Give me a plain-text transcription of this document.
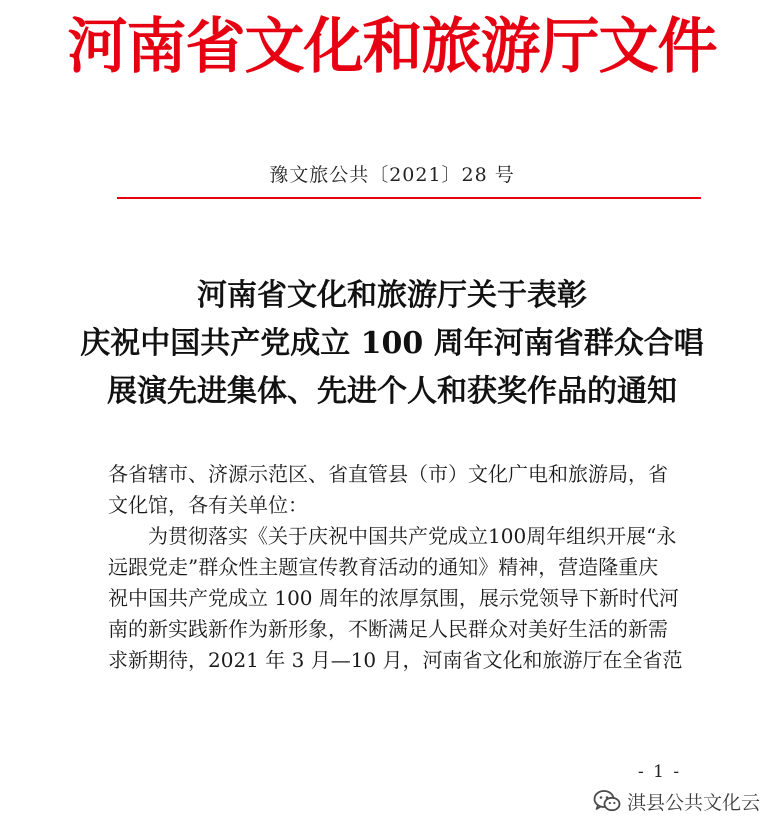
河南省文化和旅游厅文件
豫文旅公共〔2021〕28 号
河南省文化和旅游厅关于表彰
庆祝中国共产党成立 100 周年河南省群众合唱
展演先进集体、先进个人和获奖作品的通知
各省辖市、济源示范区、省直管县（市）文化广电和旅游局，省
文化馆，各有关单位：
　　为贯彻落实《关于庆祝中国共产党成立100周年组织开展“永
远跟党走”群众性主题宣传教育活动的通知》精神，营造隆重庆
祝中国共产党成立 100 周年的浓厚氛围，展示党领导下新时代河
南的新实践新作为新形象，不断满足人民群众对美好生活的新需
求新期待，2021 年 3 月—10 月，河南省文化和旅游厅在全省范
- 1 -
淇县公共文化云
